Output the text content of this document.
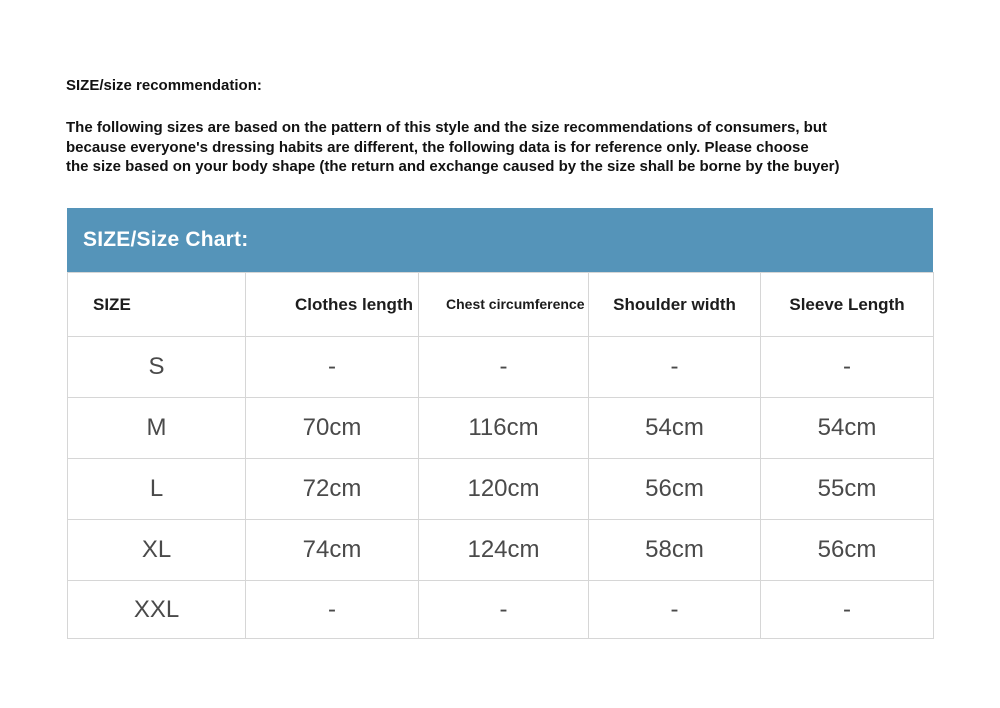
SIZE/size recommendation:
The following sizes are based on the pattern of this style and the size recommendations of consumers, but
because everyone's dressing habits are different, the following data is for reference only. Please choose
the size based on your body shape (the return and exchange caused by the size shall be borne by the buyer)
SIZE/Size Chart:
SIZE	Clothes length	Chest circumference	Shoulder width	Sleeve Length
S	-	-	-	-
M	70cm	116cm	54cm	54cm
L	72cm	120cm	56cm	55cm
XL	74cm	124cm	58cm	56cm
XXL	-	-	-	-
